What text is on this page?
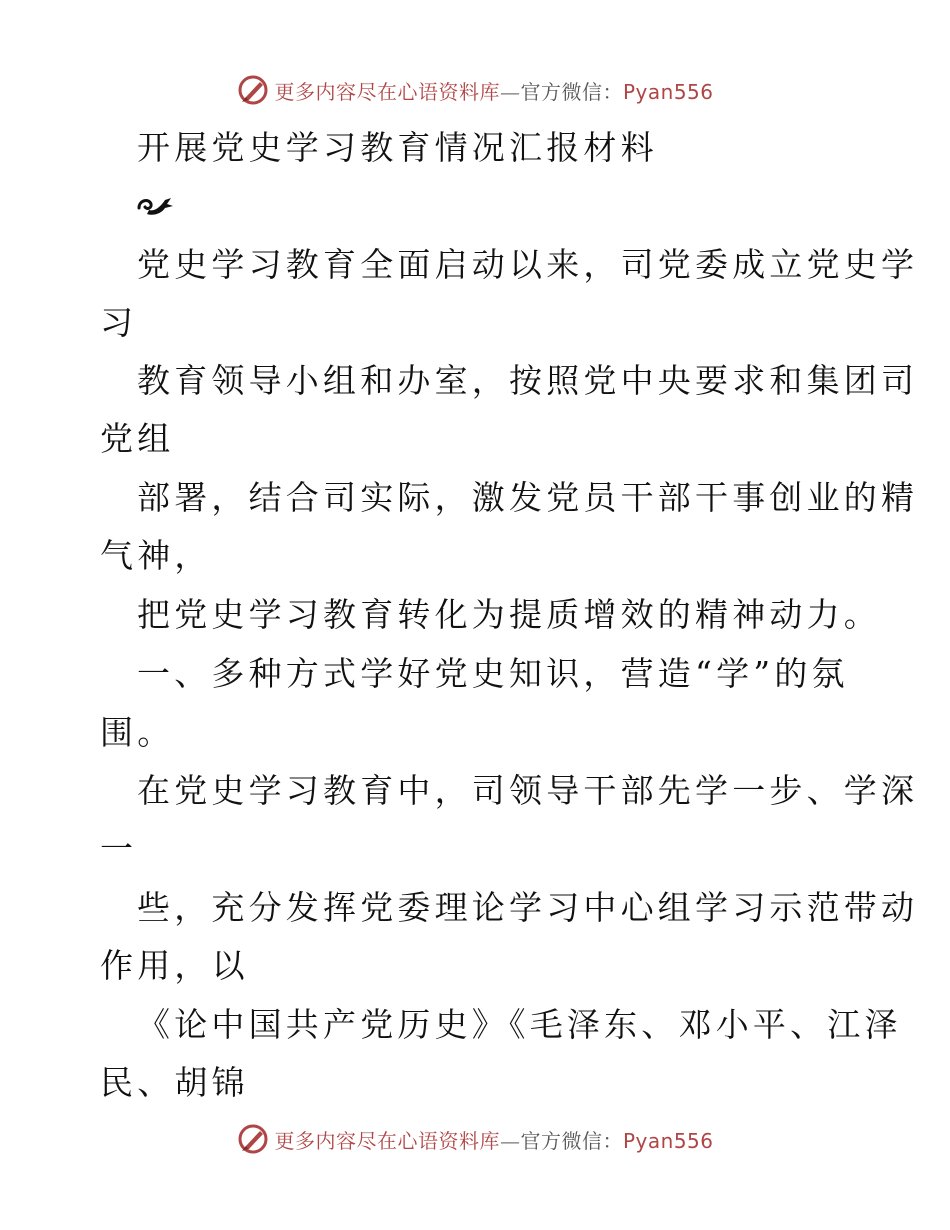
更多内容尽在心语资料库—官方微信：Pyan556

开展党史学习教育情况汇报材料

党史学习教育全面启动以来，司党委成立党史学

习

教育领导小组和办室，按照党中央要求和集团司

党组

部署，结合司实际，激发党员干部干事创业的精

气神，

把党史学习教育转化为提质增效的精神动力。

一、多种方式学好党史知识，营造“学”的氛

围。

在党史学习教育中，司领导干部先学一步、学深

一

些，充分发挥党委理论学习中心组学习示范带动

作用，以

《论中国共产党历史》《毛泽东、邓小平、江泽

民、胡锦

更多内容尽在心语资料库—官方微信：Pyan556
